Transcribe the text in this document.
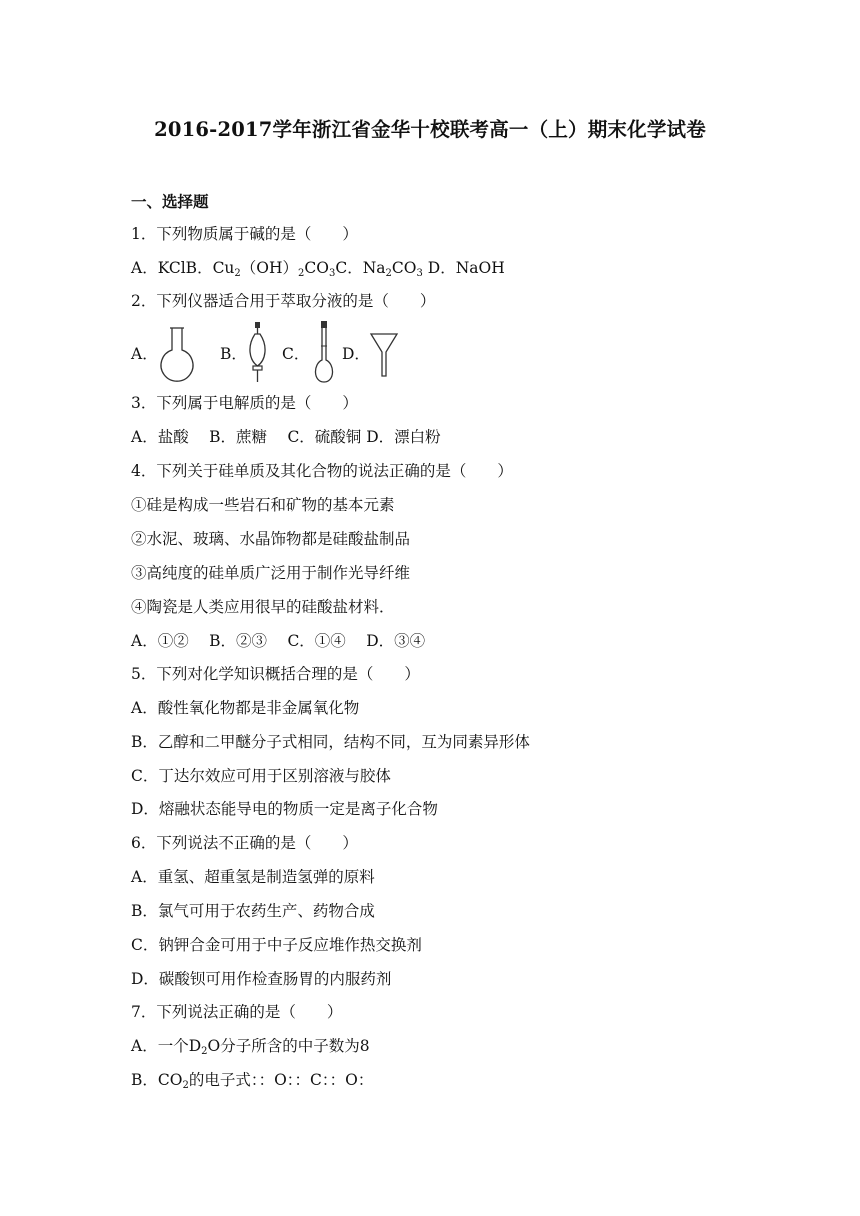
2016-2017学年浙江省金华十校联考高一（上）期末化学试卷
一、选择题
1．下列物质属于碱的是（　　）
A．KClB．$Cu_2(OH)_2CO_3C$．$Na_2CO_3$ D．NaOH
2．下列仪器适合用于萃取分液的是（　　）
A．	B． C． D．
3．下列属于电解质的是（　　）
A．盐酸　 B．蔗糖　 C．硫酸铜 D．漂白粉
4．下列关于硅单质及其化合物的说法正确的是（　　）
①硅是构成一些岩石和矿物的基本元素
②水泥、玻璃、水晶饰物都是硅酸盐制品
③高纯度的硅单质广泛用于制作光导纤维
④陶瓷是人类应用很早的硅酸盐材料．
A．①②　 B．②③　 C．①④　 D．③④
5．下列对化学知识概括合理的是（　　）
A．酸性氧化物都是非金属氧化物
B．乙醇和二甲醚分子式相同，结构不同，互为同素异形体
C．丁达尔效应可用于区别溶液与胶体
D．熔融状态能导电的物质一定是离子化合物
6．下列说法不正确的是（　　）
A．重氢、超重氢是制造氢弹的原料
B．氯气可用于农药生产、药物合成
C．钠钾合金可用于中子反应堆作热交换剂
D．碳酸钡可用作检查肠胃的内服药剂
7．下列说法正确的是（　　）
A．一个$D_2O$分子所含的中子数为8
B．$CO_2$的电子式：：O：：C：：O：
